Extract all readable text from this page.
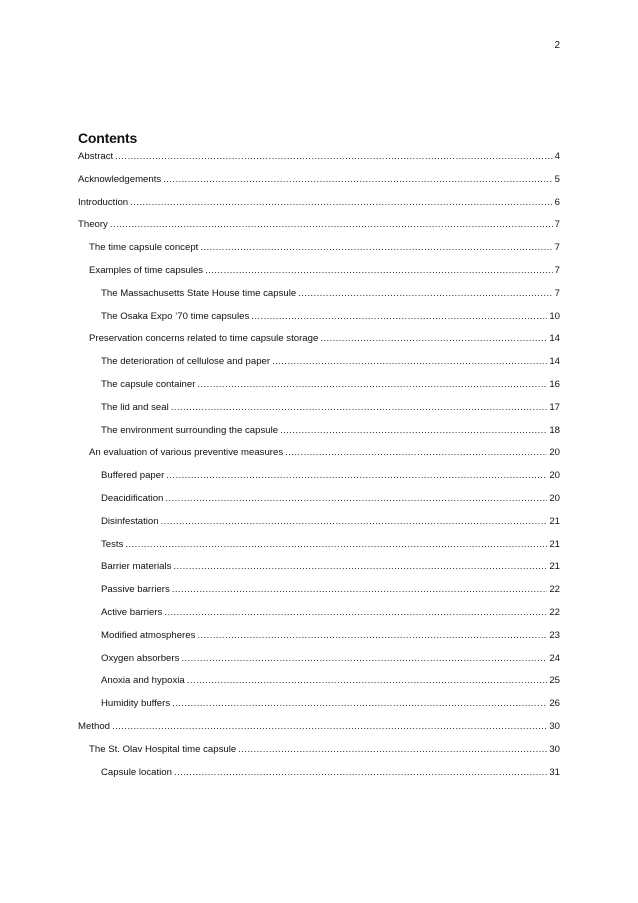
2
Contents
Abstract .....	4
Acknowledgements .....	5
Introduction .....	6
Theory .....	7
The time capsule concept .....	7
Examples of time capsules .....	7
The Massachusetts State House time capsule .....	7
The Osaka Expo ’70 time capsules .....	10
Preservation concerns related to time capsule storage .....	14
The deterioration of cellulose and paper .....	14
The capsule container .....	16
The lid and seal .....	17
The environment surrounding the capsule .....	18
An evaluation of various preventive measures .....	20
Buffered paper .....	20
Deacidification .....	20
Disinfestation .....	21
Tests .....	21
Barrier materials .....	21
Passive barriers .....	22
Active barriers .....	22
Modified atmospheres .....	23
Oxygen absorbers .....	24
Anoxia and hypoxia .....	25
Humidity buffers .....	26
Method .....	30
The St. Olav Hospital time capsule .....	30
Capsule location .....	31
